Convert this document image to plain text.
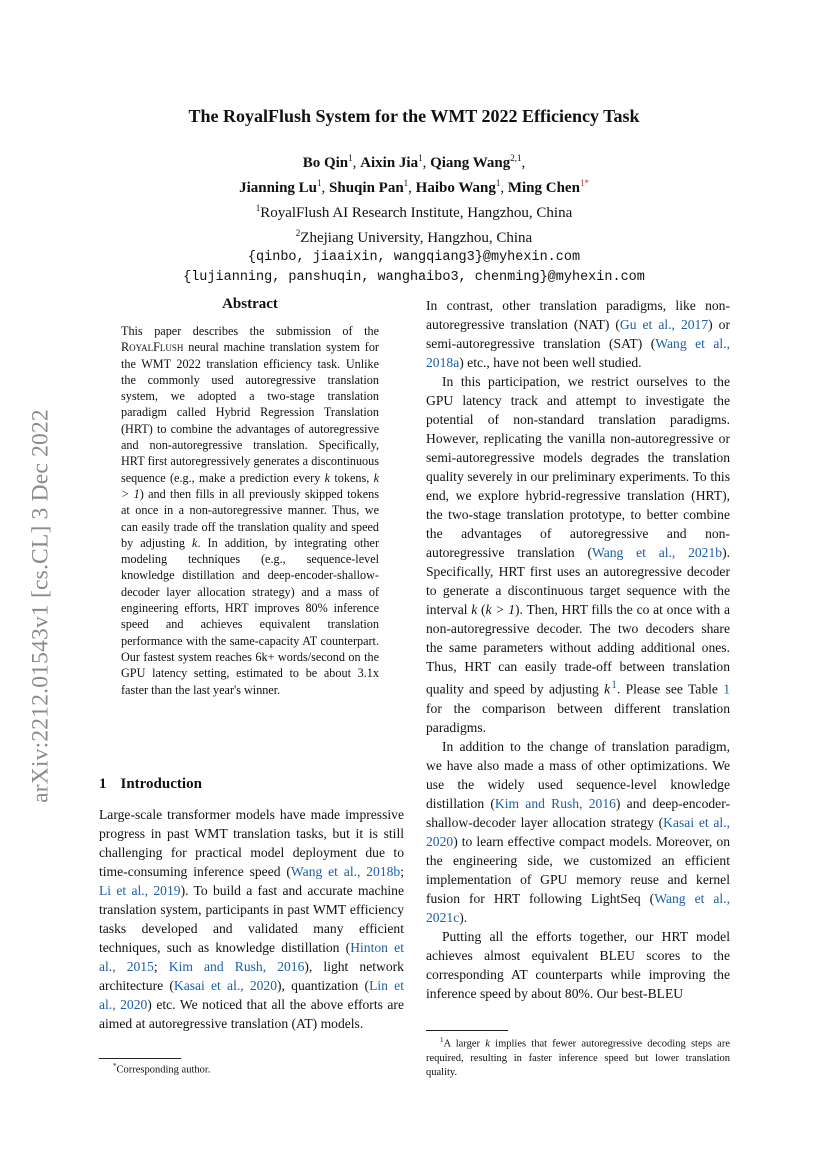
arXiv:2212.01543v1 [cs.CL] 3 Dec 2022
The RoyalFlush System for the WMT 2022 Efficiency Task
Bo Qin$^1$, Aixin Jia$^1$, Qiang Wang$^{2,1}$,
Jianning Lu$^1$, Shuqin Pan$^1$, Haibo Wang$^1$, Ming Chen$^{1*}$
$^1$RoyalFlush AI Research Institute, Hangzhou, China
$^2$Zhejiang University, Hangzhou, China
{qinbo, jiaaixin, wangqiang3}@myhexin.com
{lujianning, panshuqin, wanghaibo3, chenming}@myhexin.com
Abstract

This paper describes the submission of the RoyalFlush neural machine translation system for the WMT 2022 translation efficiency task. Unlike the commonly used autoregressive translation system, we adopted a two-stage translation paradigm called Hybrid Regression Translation (HRT) to combine the advantages of autoregressive and non-autoregressive translation. Specifically, HRT first autoregressively generates a discontinuous sequence (e.g., make a prediction every k tokens, k > 1) and then fills in all previously skipped tokens at once in a non-autoregressive manner. Thus, we can easily trade off the translation quality and speed by adjusting k. In addition, by integrating other modeling techniques (e.g., sequence-level knowledge distillation and deep-encoder-shallow-decoder layer allocation strategy) and a mass of engineering efforts, HRT improves 80% inference speed and achieves equivalent translation performance with the same-capacity AT counterpart. Our fastest system reaches 6k+ words/second on the GPU latency setting, estimated to be about 3.1x faster than the last year's winner.

1 Introduction

Large-scale transformer models have made impressive progress in past WMT translation tasks, but it is still challenging for practical model deployment due to time-consuming inference speed (Wang et al., 2018b; Li et al., 2019). To build a fast and accurate machine translation system, participants in past WMT efficiency tasks developed and validated many efficient techniques, such as knowledge distillation (Hinton et al., 2015; Kim and Rush, 2016), light network architecture (Kasai et al., 2020), quantization (Lin et al., 2020) etc. We noticed that all the above efforts are aimed at autoregressive translation (AT) models.

In contrast, other translation paradigms, like non-autoregressive translation (NAT) (Gu et al., 2017) or semi-autoregressive translation (SAT) (Wang et al., 2018a) etc., have not been well studied.

In this participation, we restrict ourselves to the GPU latency track and attempt to investigate the potential of non-standard translation paradigms. However, replicating the vanilla non-autoregressive or semi-autoregressive models degrades the translation quality severely in our preliminary experiments. To this end, we explore hybrid-regressive translation (HRT), the two-stage translation prototype, to better combine the advantages of autoregressive and non-autoregressive translation (Wang et al., 2021b). Specifically, HRT first uses an autoregressive decoder to generate a discontinuous target sequence with the interval k (k > 1). Then, HRT fills the co at once with a non-autoregressive decoder. The two decoders share the same parameters without adding additional ones. Thus, HRT can easily trade-off between translation quality and speed by adjusting k $^1$. Please see Table 1 for the comparison between different translation paradigms.

In addition to the change of translation paradigm, we have also made a mass of other optimizations. We use the widely used sequence-level knowledge distillation (Kim and Rush, 2016) and deep-encoder-shallow-decoder layer allocation strategy (Kasai et al., 2020) to learn effective compact models. Moreover, on the engineering side, we customized an efficient implementation of GPU memory reuse and kernel fusion for HRT following LightSeq (Wang et al., 2021c).

Putting all the efforts together, our HRT model achieves almost equivalent BLEU scores to the corresponding AT counterparts while improving the inference speed by about 80%. Our best-BLEU

*Corresponding author.
$^1$A larger k implies that fewer autoregressive decoding steps are required, resulting in faster inference speed but lower translation quality.
